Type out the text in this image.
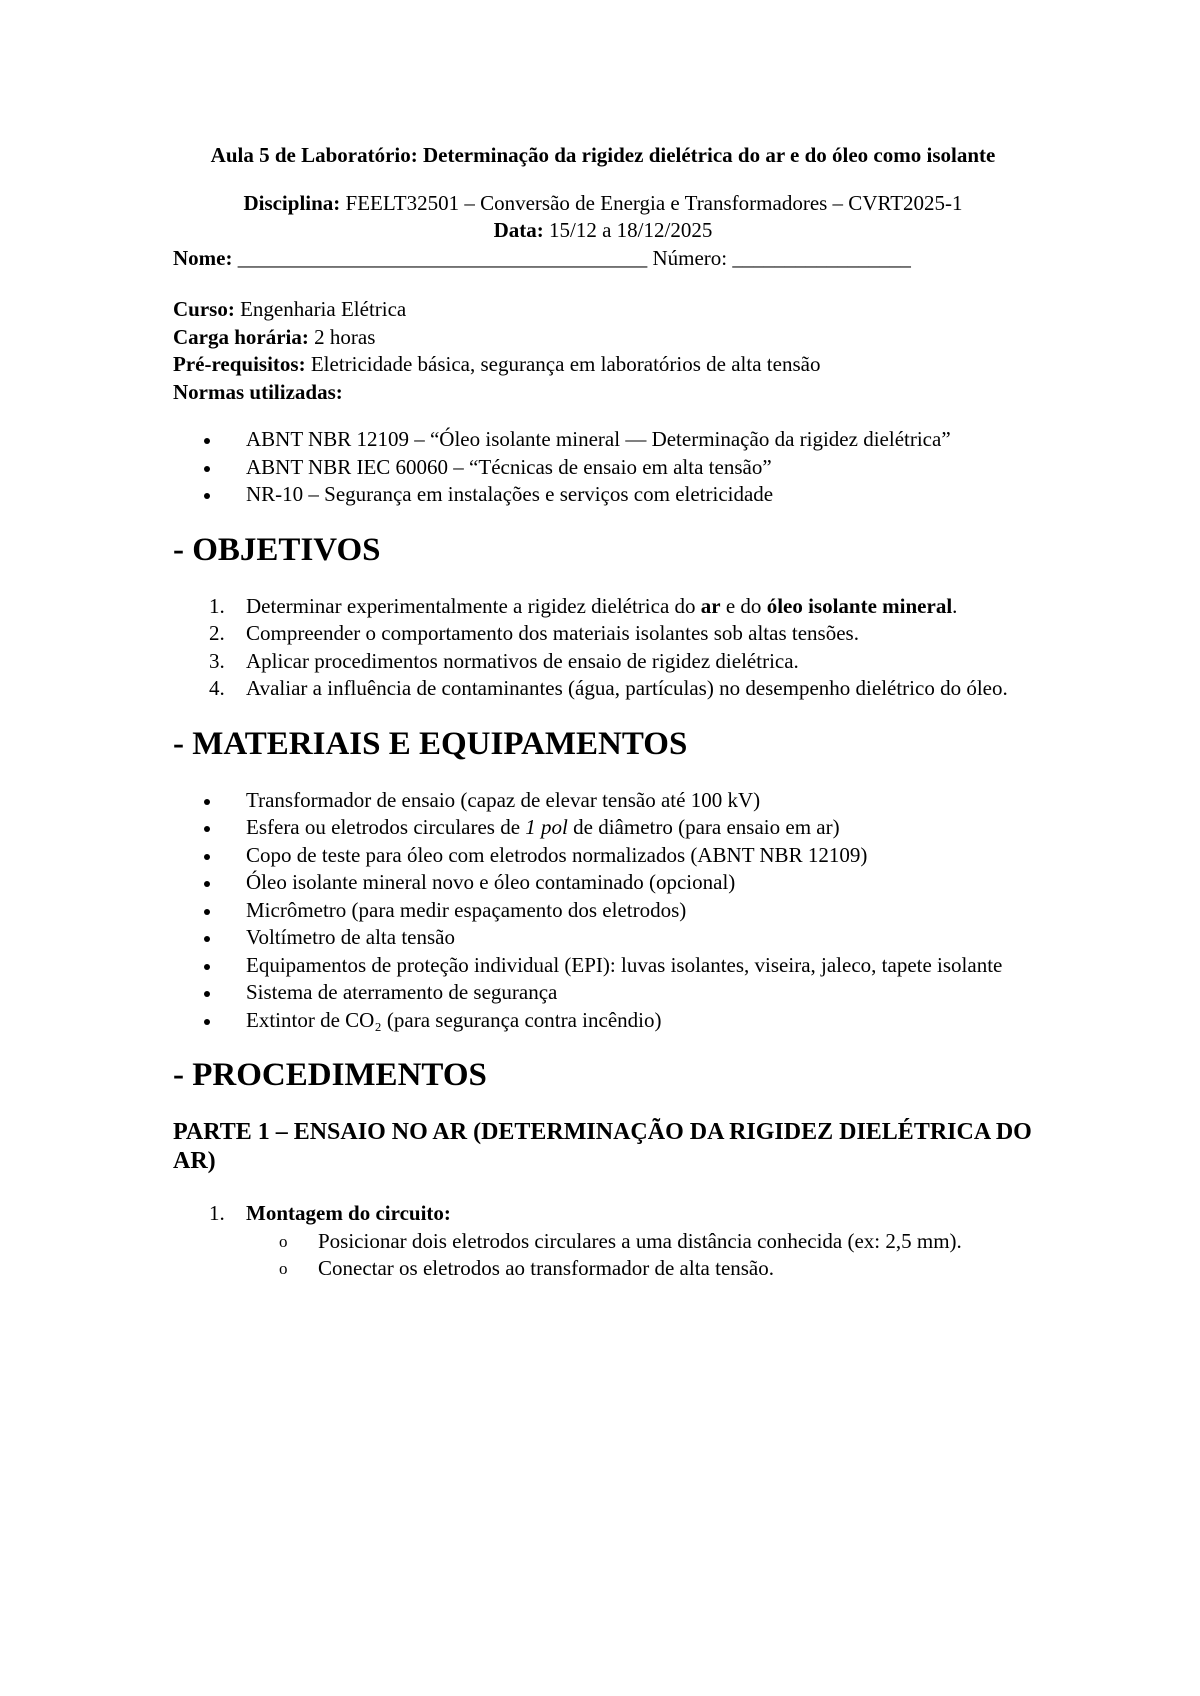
Aula 5 de Laboratório: Determinação da rigidez dielétrica do ar e do óleo como isolante

Disciplina: FEELT32501 – Conversão de Energia e Transformadores – CVRT2025-1

Data: 15/12 a 18/12/2025

Nome: _______________________________________ Número: _________________

Curso: Engenharia Elétrica

Carga horária: 2 horas

Pré-requisitos: Eletricidade básica, segurança em laboratórios de alta tensão

Normas utilizadas:

ABNT NBR 12109 – “Óleo isolante mineral — Determinação da rigidez dielétrica”
ABNT NBR IEC 60060 – “Técnicas de ensaio em alta tensão”
NR-10 – Segurança em instalações e serviços com eletricidade
- OBJETIVOS
1. Determinar experimentalmente a rigidez dielétrica do ar e do óleo isolante mineral.
2. Compreender o comportamento dos materiais isolantes sob altas tensões.
3. Aplicar procedimentos normativos de ensaio de rigidez dielétrica.
4. Avaliar a influência de contaminantes (água, partículas) no desempenho dielétrico do óleo.
- MATERIAIS E EQUIPAMENTOS
Transformador de ensaio (capaz de elevar tensão até 100 kV)
Esfera ou eletrodos circulares de 1 pol de diâmetro (para ensaio em ar)
Copo de teste para óleo com eletrodos normalizados (ABNT NBR 12109)
Óleo isolante mineral novo e óleo contaminado (opcional)
Micrômetro (para medir espaçamento dos eletrodos)
Voltímetro de alta tensão
Equipamentos de proteção individual (EPI): luvas isolantes, viseira, jaleco, tapete isolante
Sistema de aterramento de segurança
Extintor de CO₂ (para segurança contra incêndio)
- PROCEDIMENTOS
PARTE 1 – ENSAIO NO AR (DETERMINAÇÃO DA RIGIDEZ DIELÉTRICA DO AR)
1. Montagem do circuito:
o Posicionar dois eletrodos circulares a uma distância conhecida (ex: 2,5 mm).
o Conectar os eletrodos ao transformador de alta tensão.
